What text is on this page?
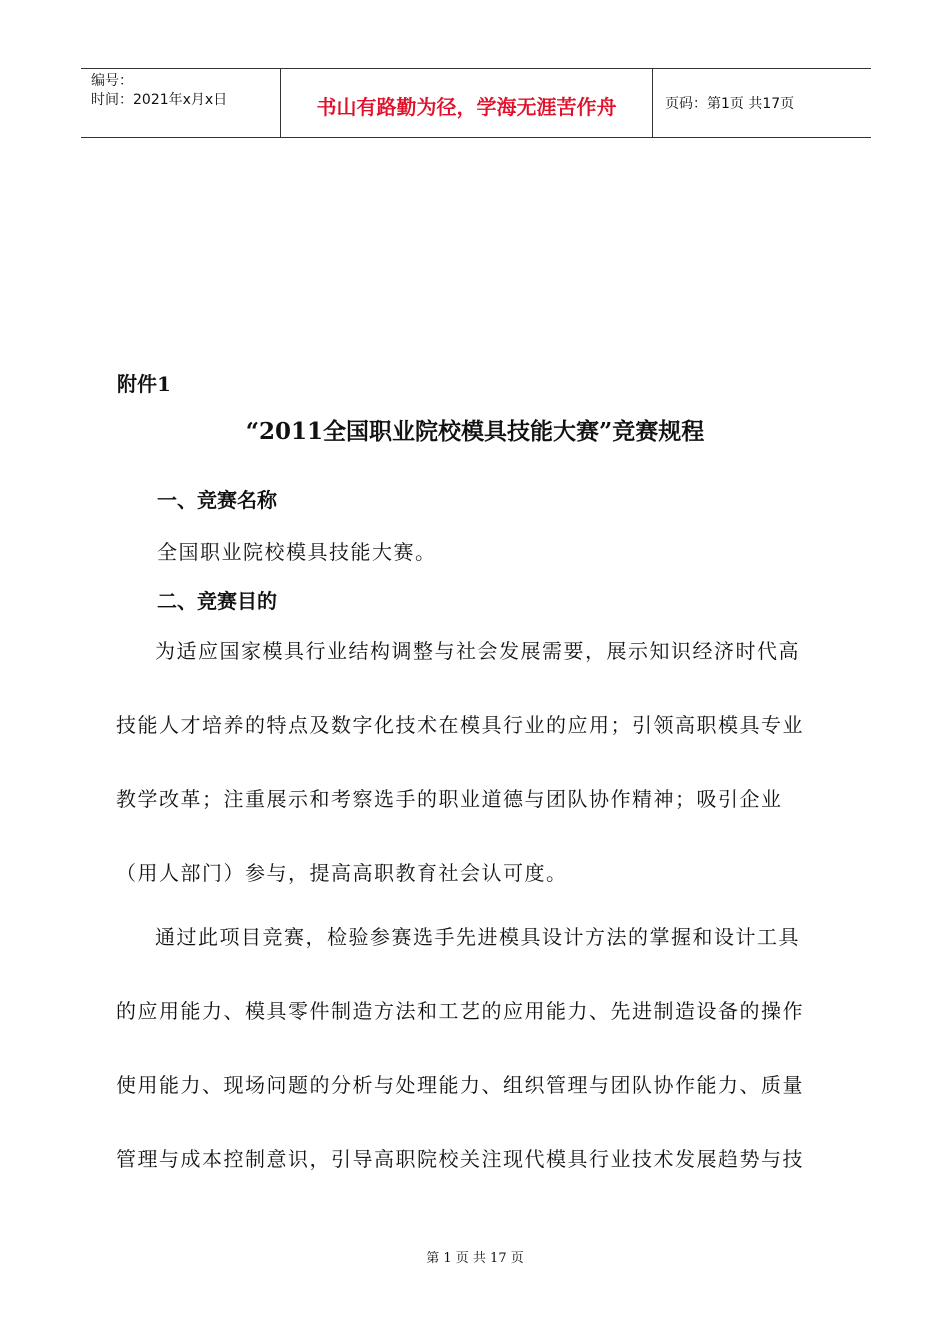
编号：
时间：2021年x月x日	书山有路勤为径，学海无涯苦作舟	页码：第1页 共17页
附件1
“2011全国职业院校模具技能大赛”竞赛规程
一、竞赛名称
全国职业院校模具技能大赛。
二、竞赛目的
为适应国家模具行业结构调整与社会发展需要，展示知识经济时代高
技能人才培养的特点及数字化技术在模具行业的应用；引领高职模具专业
教学改革；注重展示和考察选手的职业道德与团队协作精神；吸引企业
（用人部门）参与，提高高职教育社会认可度。
通过此项目竞赛，检验参赛选手先进模具设计方法的掌握和设计工具
的应用能力、模具零件制造方法和工艺的应用能力、先进制造设备的操作
使用能力、现场问题的分析与处理能力、组织管理与团队协作能力、质量
管理与成本控制意识，引导高职院校关注现代模具行业技术发展趋势与技
第 1 页 共 17 页
